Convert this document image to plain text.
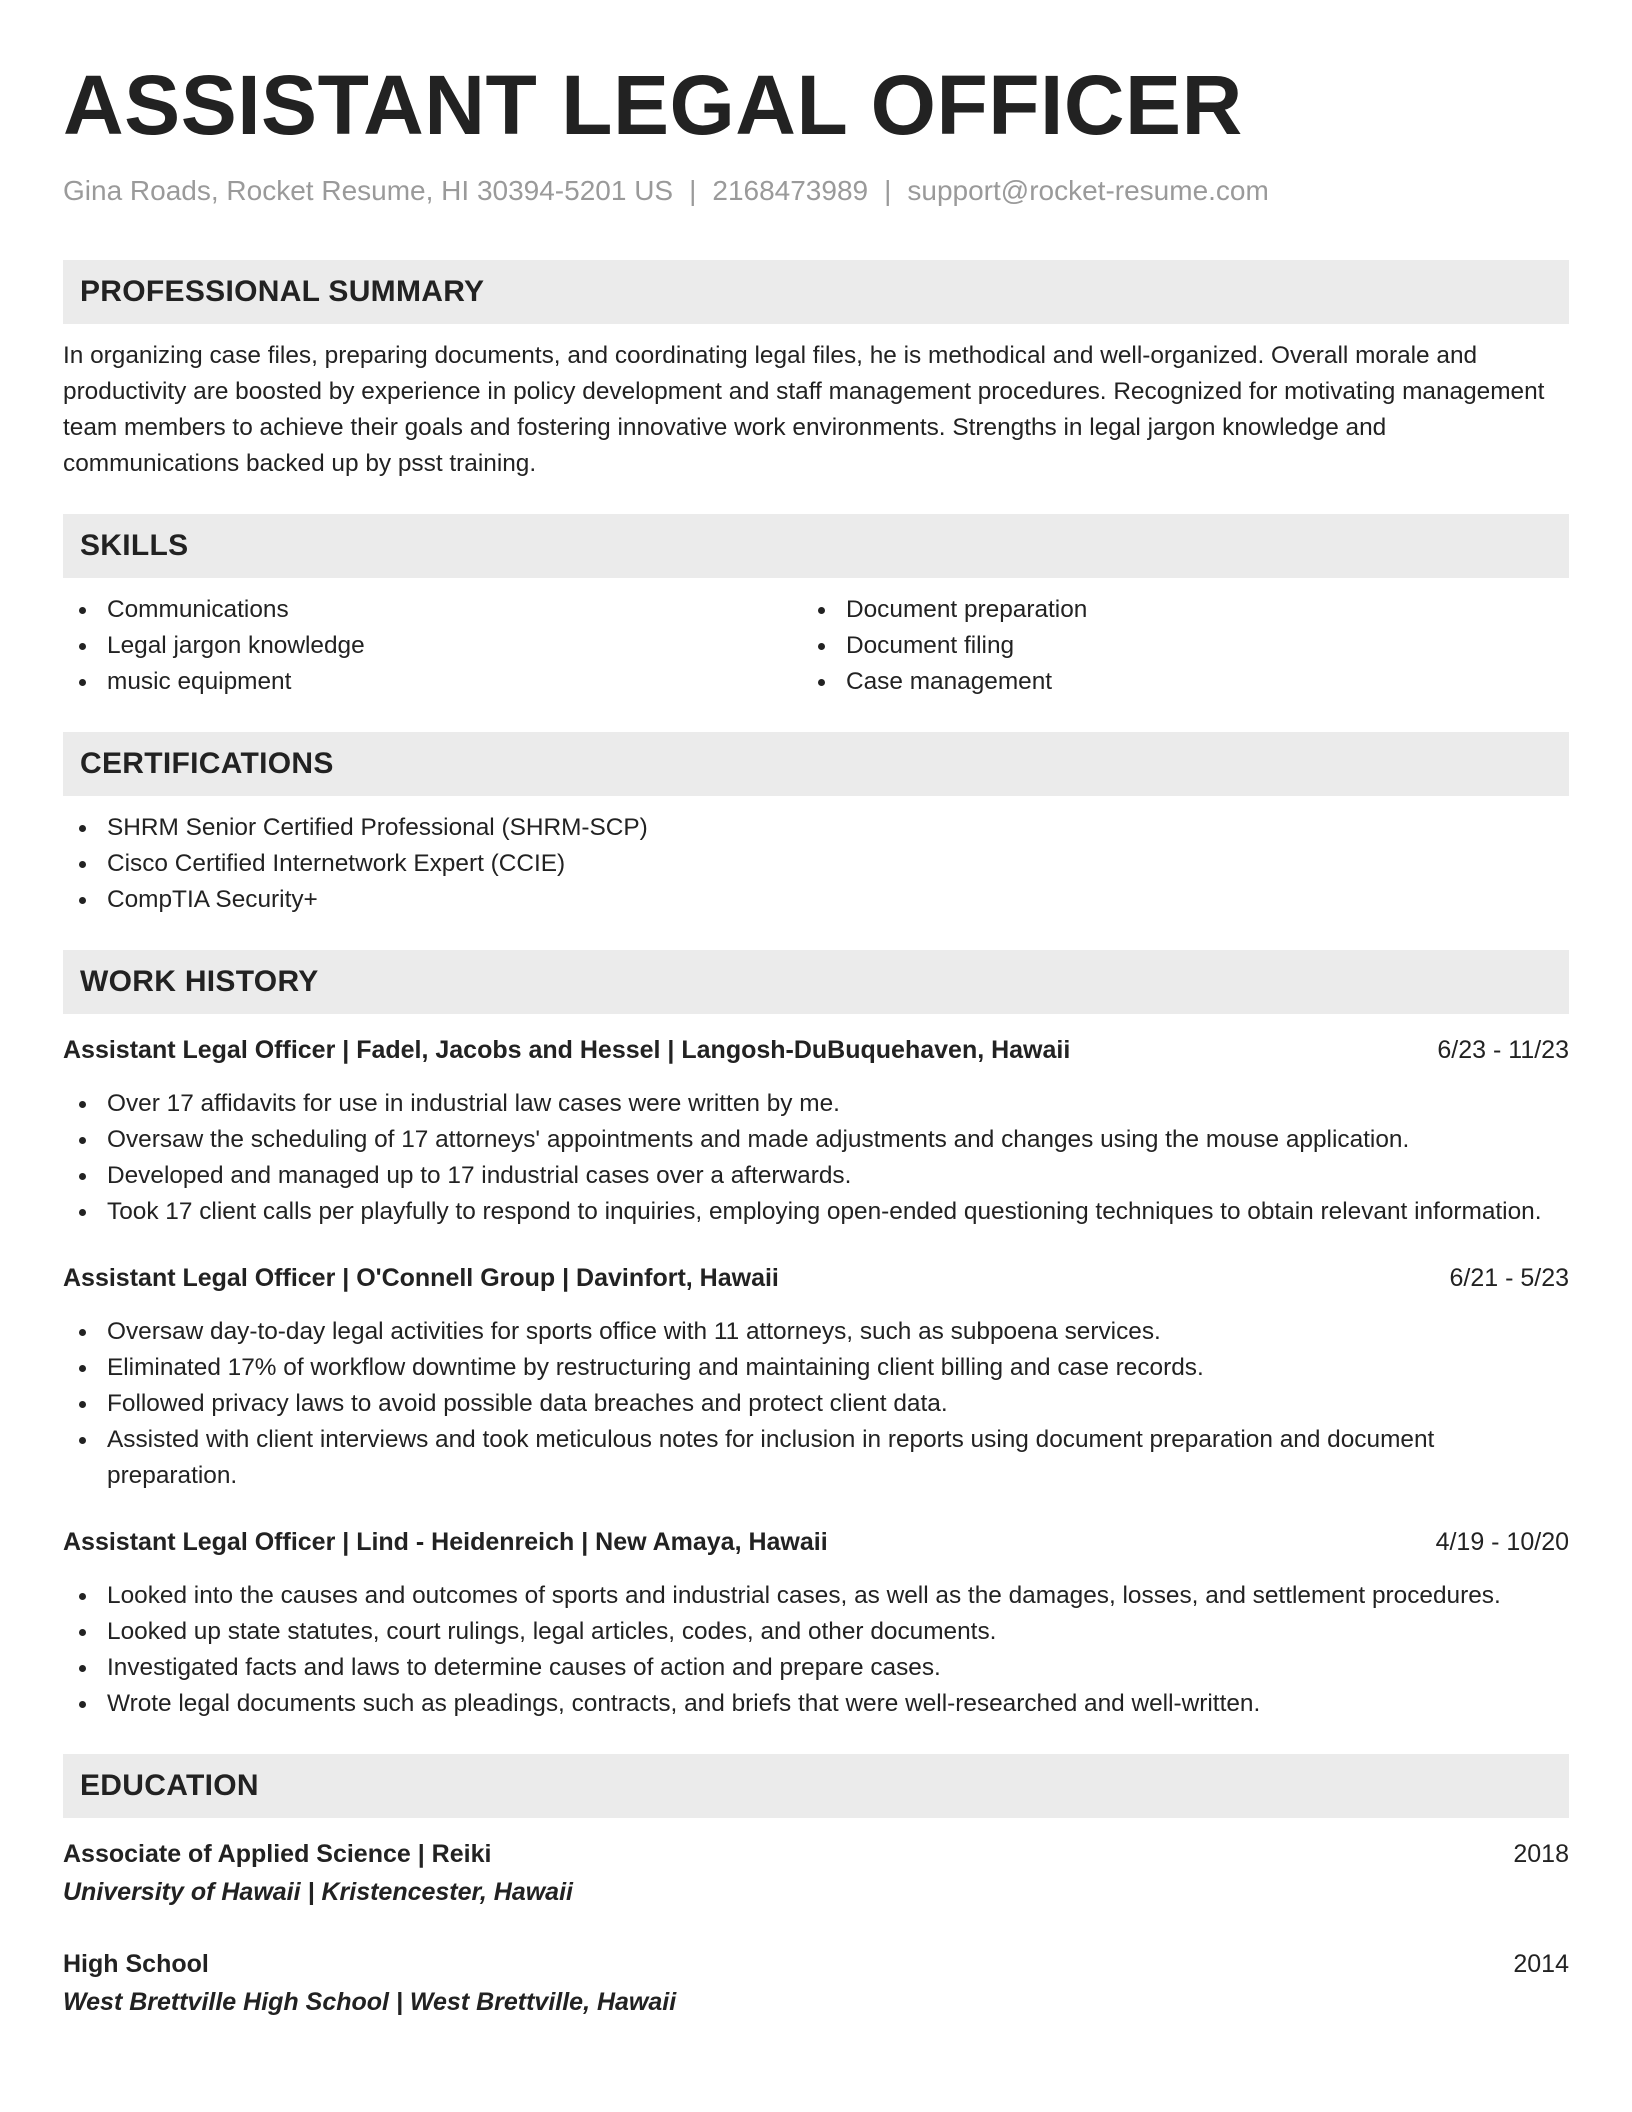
ASSISTANT LEGAL OFFICER
Gina Roads, Rocket Resume, HI 30394-5201 US | 2168473989 | support@rocket-resume.com
PROFESSIONAL SUMMARY

In organizing case files, preparing documents, and coordinating legal files, he is methodical and well-organized. Overall morale and productivity are boosted by experience in policy development and staff management procedures. Recognized for motivating management team members to achieve their goals and fostering innovative work environments. Strengths in legal jargon knowledge and communications backed up by psst training.

SKILLS
Communications
Legal jargon knowledge
music equipment
Document preparation
Document filing
Case management
CERTIFICATIONS
SHRM Senior Certified Professional (SHRM-SCP)
Cisco Certified Internetwork Expert (CCIE)
CompTIA Security+
WORK HISTORY
Assistant Legal Officer | Fadel, Jacobs and Hessel | Langosh-DuBuquehaven, Hawaii	6/23 - 11/23
Over 17 affidavits for use in industrial law cases were written by me.
Oversaw the scheduling of 17 attorneys' appointments and made adjustments and changes using the mouse application.
Developed and managed up to 17 industrial cases over a afterwards.
Took 17 client calls per playfully to respond to inquiries, employing open-ended questioning techniques to obtain relevant information.
Assistant Legal Officer | O'Connell Group | Davinfort, Hawaii	6/21 - 5/23
Oversaw day-to-day legal activities for sports office with 11 attorneys, such as subpoena services.
Eliminated 17% of workflow downtime by restructuring and maintaining client billing and case records.
Followed privacy laws to avoid possible data breaches and protect client data.
Assisted with client interviews and took meticulous notes for inclusion in reports using document preparation and document preparation.
Assistant Legal Officer | Lind - Heidenreich | New Amaya, Hawaii	4/19 - 10/20
Looked into the causes and outcomes of sports and industrial cases, as well as the damages, losses, and settlement procedures.
Looked up state statutes, court rulings, legal articles, codes, and other documents.
Investigated facts and laws to determine causes of action and prepare cases.
Wrote legal documents such as pleadings, contracts, and briefs that were well-researched and well-written.
EDUCATION
Associate of Applied Science | Reiki	2018
University of Hawaii | Kristencester, Hawaii
High School	2014
West Brettville High School | West Brettville, Hawaii
